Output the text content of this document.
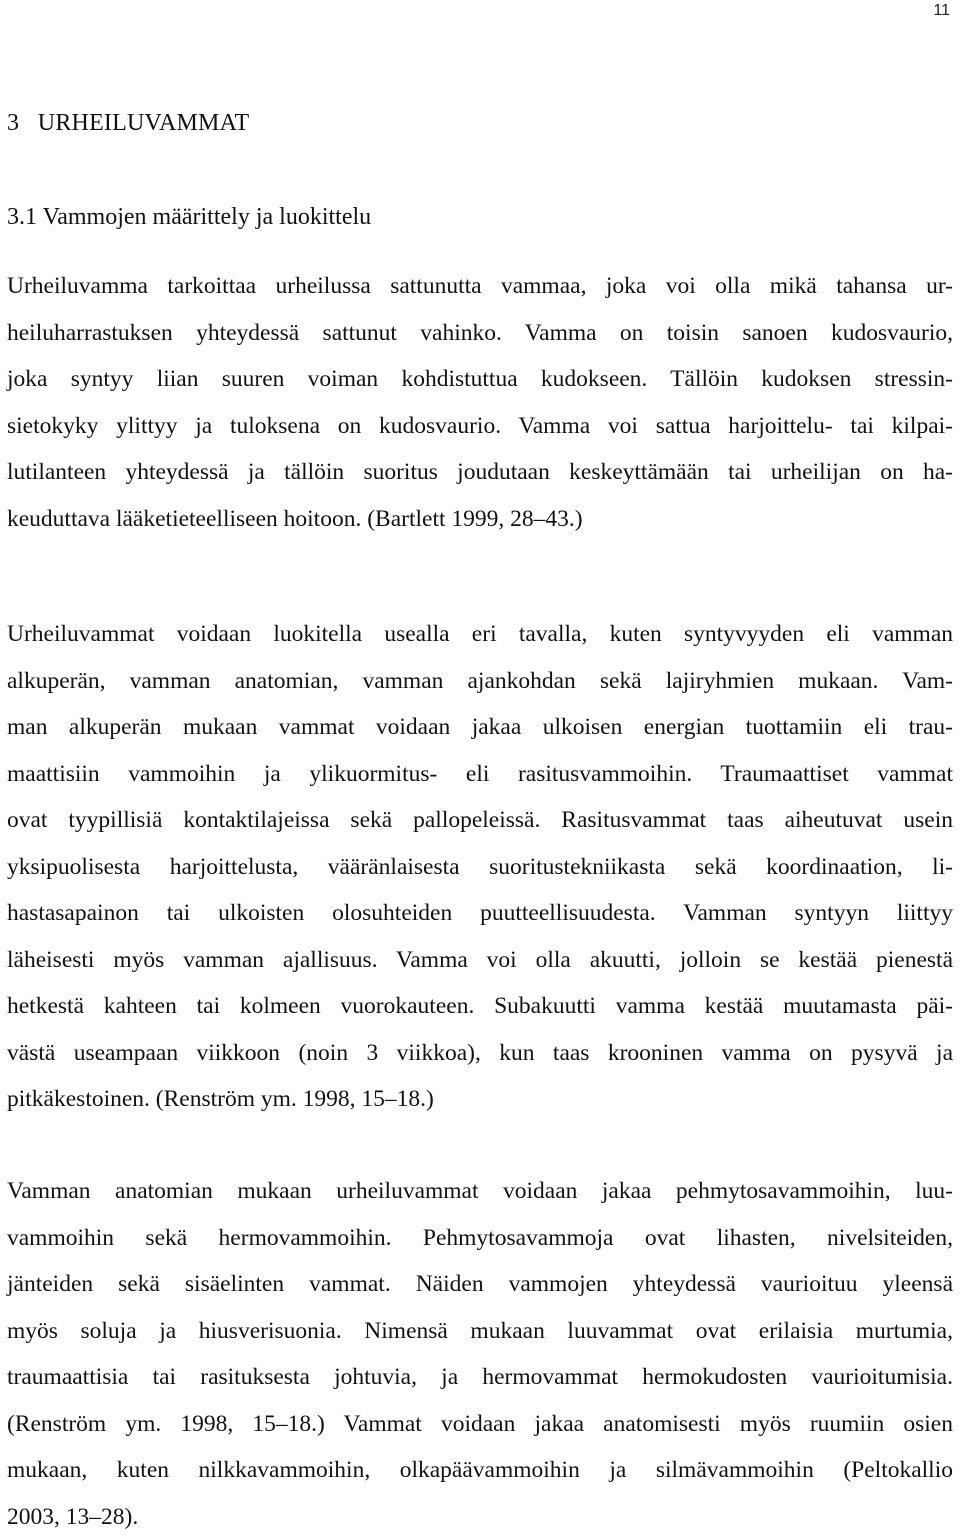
11
3   URHEILUVAMMAT
3.1 Vammojen määrittely ja luokittelu
Urheiluvamma tarkoittaa urheilussa sattunutta vammaa, joka voi olla mikä tahansa ur-
heiluharrastuksen yhteydessä sattunut vahinko. Vamma on toisin sanoen kudosvaurio,
joka syntyy liian suuren voiman kohdistuttua kudokseen. Tällöin kudoksen stressin-
sietokyky ylittyy ja tuloksena on kudosvaurio. Vamma voi sattua harjoittelu- tai kilpai-
lutilanteen yhteydessä ja tällöin suoritus joudutaan keskeyttämään tai urheilijan on ha-
keuduttava lääketieteelliseen hoitoon. (Bartlett 1999, 28–43.)
Urheiluvammat voidaan luokitella usealla eri tavalla, kuten syntyvyyden eli vamman
alkuperän, vamman anatomian, vamman ajankohdan sekä lajiryhmien mukaan. Vam-
man alkuperän mukaan vammat voidaan jakaa ulkoisen energian tuottamiin eli trau-
maattisiin vammoihin ja ylikuormitus- eli rasitusvammoihin. Traumaattiset vammat
ovat tyypillisiä kontaktilajeissa sekä pallopeleissä. Rasitusvammat taas aiheutuvat usein
yksipuolisesta harjoittelusta, vääränlaisesta suoritustekniikasta sekä koordinaation, li-
hastasapainon tai ulkoisten olosuhteiden puutteellisuudesta. Vamman syntyyn liittyy
läheisesti myös vamman ajallisuus. Vamma voi olla akuutti, jolloin se kestää pienestä
hetkestä kahteen tai kolmeen vuorokauteen. Subakuutti vamma kestää muutamasta päi-
västä useampaan viikkoon (noin 3 viikkoa), kun taas krooninen vamma on pysyvä ja
pitkäkestoinen. (Renström ym. 1998, 15–18.)
Vamman anatomian mukaan urheiluvammat voidaan jakaa pehmytosavammoihin, luu-
vammoihin sekä hermovammoihin. Pehmytosavammoja ovat lihasten, nivelsiteiden,
jänteiden sekä sisäelinten vammat. Näiden vammojen yhteydessä vaurioituu yleensä
myös soluja ja hiusverisuonia. Nimensä mukaan luuvammat ovat erilaisia murtumia,
traumaattisia tai rasituksesta johtuvia, ja hermovammat hermokudosten vaurioitumisia.
(Renström ym. 1998, 15–18.) Vammat voidaan jakaa anatomisesti myös ruumiin osien
mukaan, kuten nilkkavammoihin, olkapäävammoihin ja silmävammoihin (Peltokallio
2003, 13–28).
